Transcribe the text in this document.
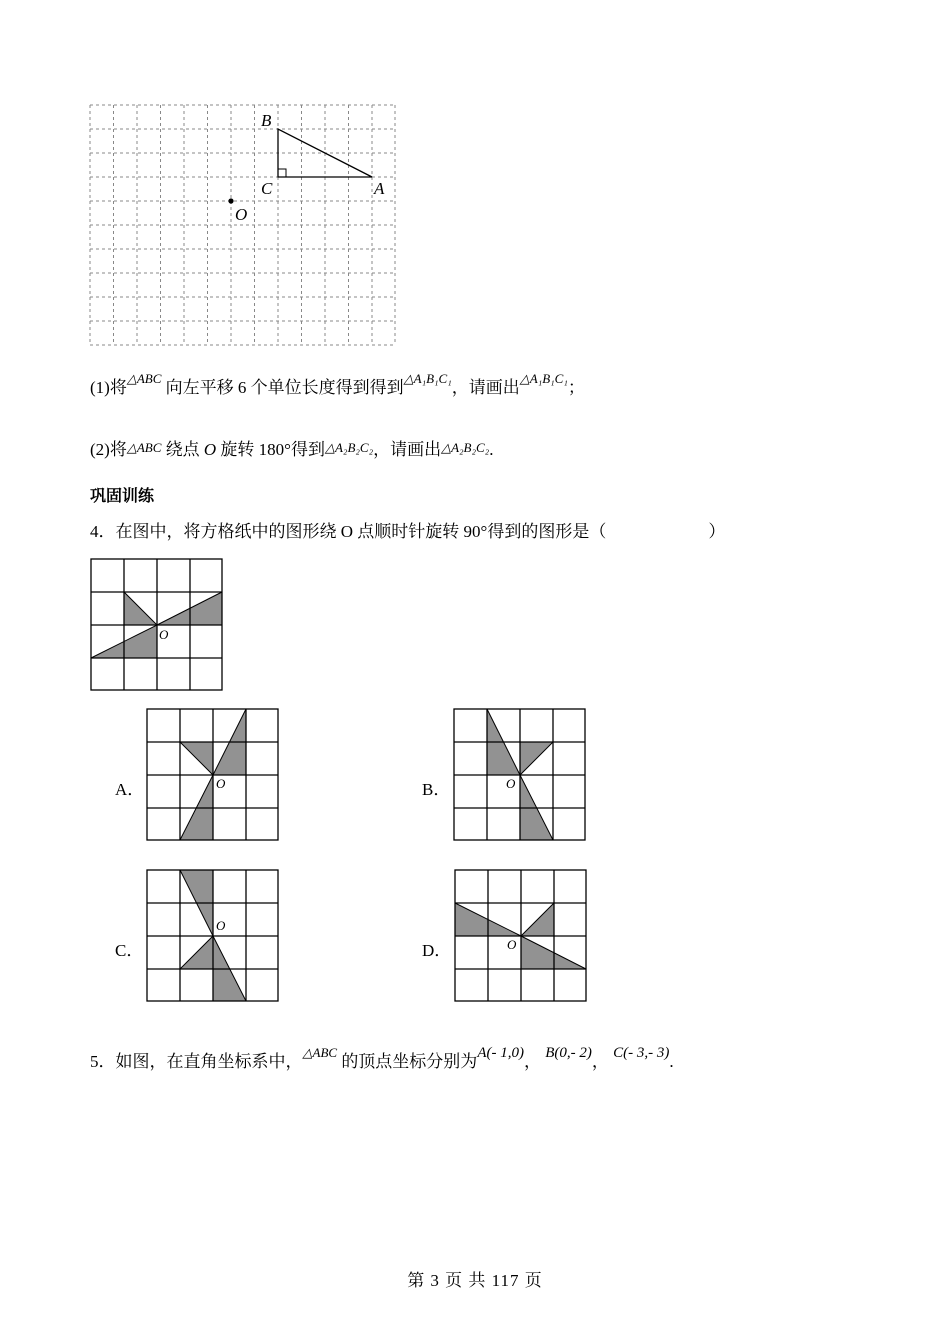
B
C	A
O
(1)将$^{\triangle ABC}$ 向左平移 6 个单位长度得到得到$^{\triangle A_1B_1C_1}$，请画出$^{\triangle A_1B_1C_1}$；
(2)将△ABC 绕点 O 旋转 180°得到△A₂B₂C₂，请画出△A₂B₂C₂.
巩固训练
4．在图中，将方格纸中的图形绕 O 点顺时针旋转 90°得到的图形是（　　　　　　）
O
A．	O	B．	O
C．
O
D．	O
5．如图，在直角坐标系中，$^{\triangle ABC}$ 的顶点坐标分别为A(- 1,0)， B(0,- 2)， C(- 3,- 3).
第 3 页 共 117 页
